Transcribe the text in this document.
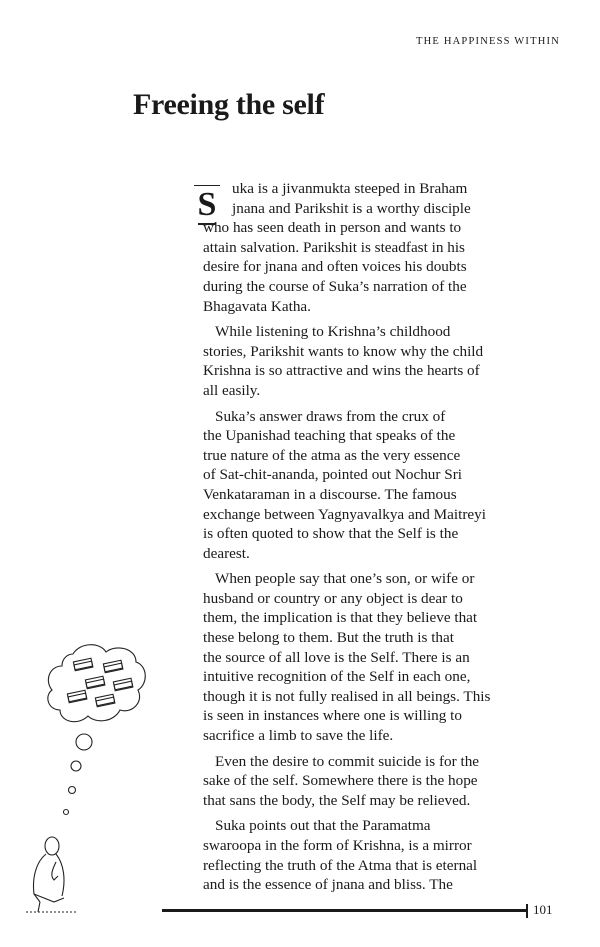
THE HAPPINESS WITHIN
Freeing the self
S uka is a jivanmukta steeped in Braham
jnana and Parikshit is a worthy disciple
who has seen death in person and wants to
attain salvation. Parikshit is steadfast in his
desire for jnana and often voices his doubts
during the course of Suka’s narration of the
Bhagavata Katha.
While listening to Krishna’s childhood
stories, Parikshit wants to know why the child
Krishna is so attractive and wins the hearts of
all easily.
Suka’s answer draws from the crux of
the Upanishad teaching that speaks of the
true nature of the atma as the very essence
of Sat-chit-ananda, pointed out Nochur Sri
Venkataraman in a discourse. The famous
exchange between Yagnyavalkya and Maitreyi
is often quoted to show that the Self is the
dearest.
When people say that one’s son, or wife or
husband or country or any object is dear to
them, the implication is that they believe that
these belong to them. But the truth is that
the source of all love is the Self. There is an
intuitive recognition of the Self in each one,
though it is not fully realised in all beings. This
is seen in instances where one is willing to
sacrifice a limb to save the life.
Even the desire to commit suicide is for the
sake of the self. Somewhere there is the hope
that sans the body, the Self may be relieved.
Suka points out that the Paramatma
swaroopa in the form of Krishna, is a mirror
reflecting the truth of the Atma that is eternal
and is the essence of jnana and bliss. The
101
